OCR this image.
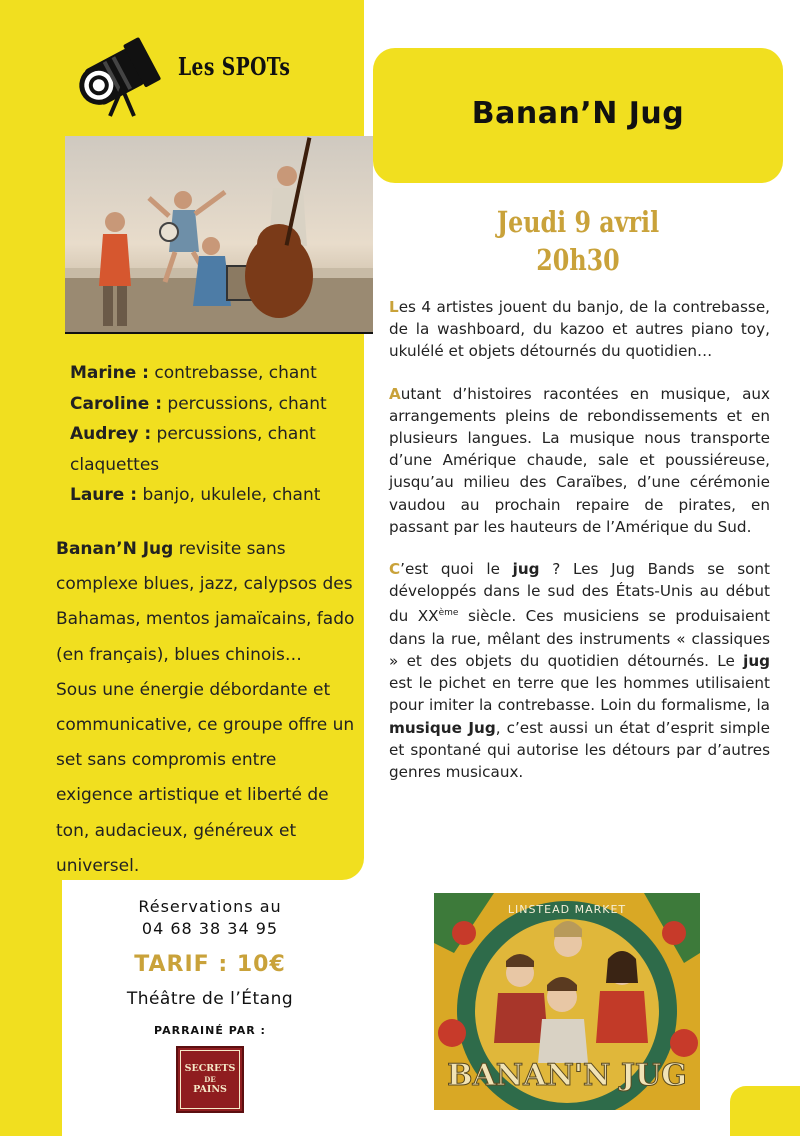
Les SPOTs
Banan’N Jug
Jeudi 9 avril
20h30
Marine : contrebasse, chant
Caroline : percussions, chant
Audrey : percussions, chant claquettes
Laure : banjo, ukulele, chant
Banan’N Jug revisite sans complexe blues, jazz, calypsos des Bahamas, mentos jamaïcains, fado (en français), blues chinois…
Sous une énergie débordante et communicative, ce groupe offre un set sans compromis entre exigence artistique et liberté de ton, audacieux, généreux et universel.

Les 4 artistes jouent du banjo, de la contrebasse, de la washboard, du kazoo et autres piano toy, ukulélé et objets détournés du quotidien…

Autant d’histoires racontées en musique, aux arrangements pleins de rebondissements et en plusieurs langues. La musique nous transporte d’une Amérique chaude, sale et poussiéreuse, jusqu’au milieu des Caraïbes, d’une cérémonie vaudou au prochain repaire de pirates, en passant par les hauteurs de l’Amérique du Sud.

C’est quoi le jug ? Les Jug Bands se sont développés dans le sud des États-Unis au début du XXème siècle. Ces musiciens se produisaient dans la rue, mêlant des instruments « classiques » et des objets du quotidien détournés. Le jug est le pichet en terre que les hommes utilisaient pour imiter la contrebasse. Loin du formalisme, la musique Jug, c’est aussi un état d’esprit simple et spontané qui autorise les détours par d’autres genres musicaux.

Réservations au
04 68 38 34 95
TARIF : 10€
Théâtre de l’Étang
PARRAINÉ PAR :
SECRETS
DE
PAINS
LINSTEAD MARKET
BANAN'N JUG
